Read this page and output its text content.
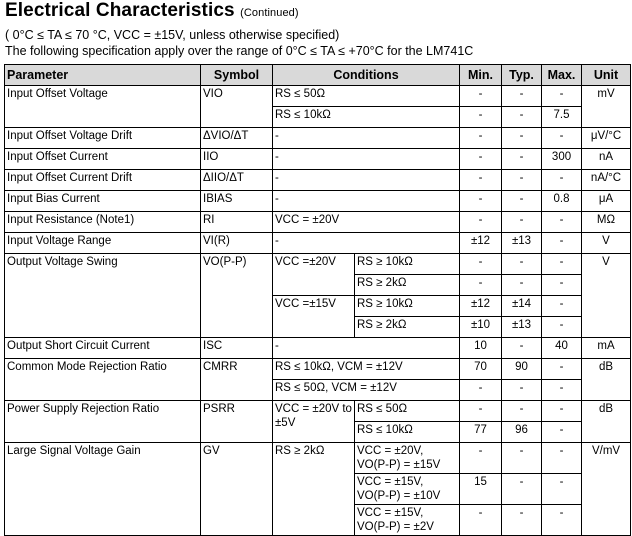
Electrical Characteristics (Continued)
( 0°C ≤ TA ≤ 70 °C, VCC = ±15V, unless otherwise specified)
The following specification apply over the range of 0°C ≤ TA ≤ +70°C for the LM741C
Parameter	Symbol	Conditions		Min.	Typ.	Max.	Unit
Input Offset Voltage	VIO	RS ≤ 50Ω		-	-	-	mV
		RS ≤ 10kΩ		-	-	7.5	
Input Offset Voltage Drift	ΔVIO/ΔT	-		-	-	-	μV/°C
Input Offset Current	IIO	-		-	-	300	nA
Input Offset Current Drift	ΔIIO/ΔT	-		-	-	-	nA/°C
Input Bias Current	IBIAS	-		-	-	0.8	μA
Input Resistance (Note1)	RI	VCC = ±20V		-	-	-	MΩ
Input Voltage Range	VI(R)	-		±12	±13	-	V
Output Voltage Swing	VO(P-P)	VCC =±20V	RS ≥ 10kΩ	-	-	-	V
			RS ≥ 2kΩ	-	-	-	
		VCC =±15V	RS ≥ 10kΩ	±12	±14	-	
			RS ≥ 2kΩ	±10	±13	-	
Output Short Circuit Current	ISC	-		10	-	40	mA
Common Mode Rejection Ratio	CMRR	RS ≤ 10kΩ, VCM = ±12V		70	90	-	dB
		RS ≤ 50Ω, VCM = ±12V		-	-	-	
Power Supply Rejection Ratio	PSRR	VCC = ±20V to ±5V	RS ≤ 50Ω	-	-	-	dB
			RS ≤ 10kΩ	77	96	-	
Large Signal Voltage Gain	GV	RS ≥ 2kΩ	VCC = ±20V, VO(P-P) = ±15V	-	-	-	V/mV
			VCC = ±15V, VO(P-P) = ±10V	15	-	-	
			VCC = ±15V, VO(P-P) = ±2V	-	-	-	
